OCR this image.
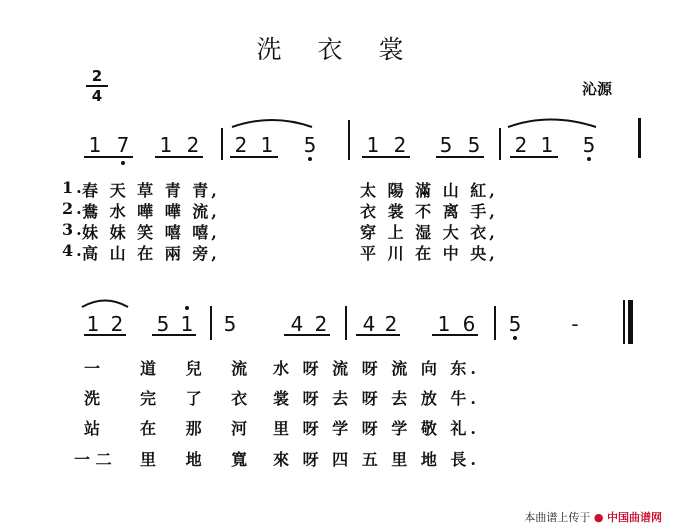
洗 衣 裳
2
4	沁源
1 7 1 2 2 1 5	1 2 5 5 2 1 5
1.
春 天 草 青 青,	太 陽 滿 山 紅,
2.
鴦 水 嘩 嘩 流,	衣 裳 不 离 手,
3.
妹 妹 笑 嘻 嘻,	穿 上 湿 大 衣,
4.
高 山 在 兩 旁,	平 川 在 中 央,
1 2 5 1 5	4 2 4 2 1 6 5	-
一 道 兒 流 水 呀 流 呀 流 向 东.
洗 完 了 衣 裳 呀 去 呀 去 放 牛.
站 在 那 河 里 呀 学 呀 学 敬 礼.
一 二 里 地 寬 來 呀 四 五 里 地 長.
本曲谱上传于 ● 中国曲谱网
